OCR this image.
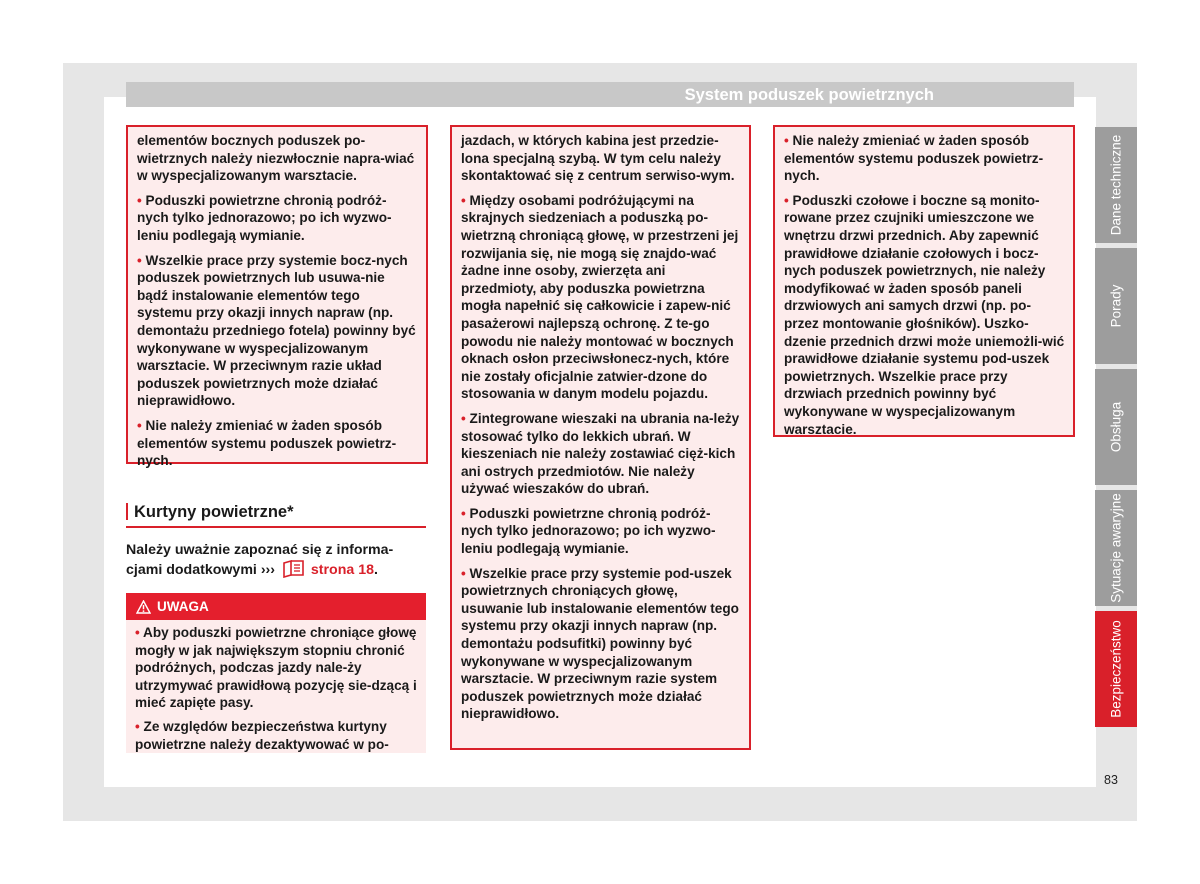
System poduszek powietrznych

elementów bocznych poduszek po-wietrznych należy niezwłocznie napra-wiać w wyspecjalizowanym warsztacie.

• Poduszki powietrzne chronią podróż-nych tylko jednorazowo; po ich wyzwo-leniu podlegają wymianie.

• Wszelkie prace przy systemie bocz-nych poduszek powietrznych lub usuwa-nie bądź instalowanie elementów tego systemu przy okazji innych napraw (np. demontażu przedniego fotela) powinny być wykonywane w wyspecjalizowanym warsztacie. W przeciwnym razie układ poduszek powietrznych może działać nieprawidłowo.

• Nie należy zmieniać w żaden sposób elementów systemu poduszek powietrz-nych.

Kurtyny powietrzne*
Należy uważnie zapoznać się z informa-cjami dodatkowymi ›››	strona 18.
UWAGA

• Aby poduszki powietrzne chroniące głowę mogły w jak największym stopniu chronić podróżnych, podczas jazdy nale-ży utrzymywać prawidłową pozycję sie-dzącą i mieć zapięte pasy.

• Ze względów bezpieczeństwa kurtyny powietrzne należy dezaktywować w po-

jazdach, w których kabina jest przedzie-lona specjalną szybą. W tym celu należy skontaktować się z centrum serwiso-wym.

• Między osobami podróżującymi na skrajnych siedzeniach a poduszką po-wietrzną chroniącą głowę, w przestrzeni jej rozwijania się, nie mogą się znajdo-wać żadne inne osoby, zwierzęta ani przedmioty, aby poduszka powietrzna mogła napełnić się całkowicie i zapew-nić pasażerowi najlepszą ochronę. Z te-go powodu nie należy montować w bocznych oknach osłon przeciwsłonecz-nych, które nie zostały oficjalnie zatwier-dzone do stosowania w danym modelu pojazdu.

• Zintegrowane wieszaki na ubrania na-leży stosować tylko do lekkich ubrań. W kieszeniach nie należy zostawiać cięż-kich ani ostrych przedmiotów. Nie należy używać wieszaków do ubrań.

• Poduszki powietrzne chronią podróż-nych tylko jednorazowo; po ich wyzwo-leniu podlegają wymianie.

• Wszelkie prace przy systemie pod-uszek powietrznych chroniących głowę, usuwanie lub instalowanie elementów tego systemu przy okazji innych napraw (np. demontażu podsufitki) powinny być wykonywane w wyspecjalizowanym warsztacie. W przeciwnym razie system poduszek powietrznych może działać nieprawidłowo.

• Nie należy zmieniać w żaden sposób elementów systemu poduszek powietrz-nych.

• Poduszki czołowe i boczne są monito-rowane przez czujniki umieszczone we wnętrzu drzwi przednich. Aby zapewnić prawidłowe działanie czołowych i bocz-nych poduszek powietrznych, nie należy modyfikować w żaden sposób paneli drzwiowych ani samych drzwi (np. po-przez montowanie głośników). Uszko-dzenie przednich drzwi może uniemożli-wić prawidłowe działanie systemu pod-uszek powietrznych. Wszelkie prace przy drzwiach przednich powinny być wykonywane w wyspecjalizowanym warsztacie.

Dane techniczne
Porady
Obsługa
Sytuacje awaryjne
Bezpieczeństwo
83
